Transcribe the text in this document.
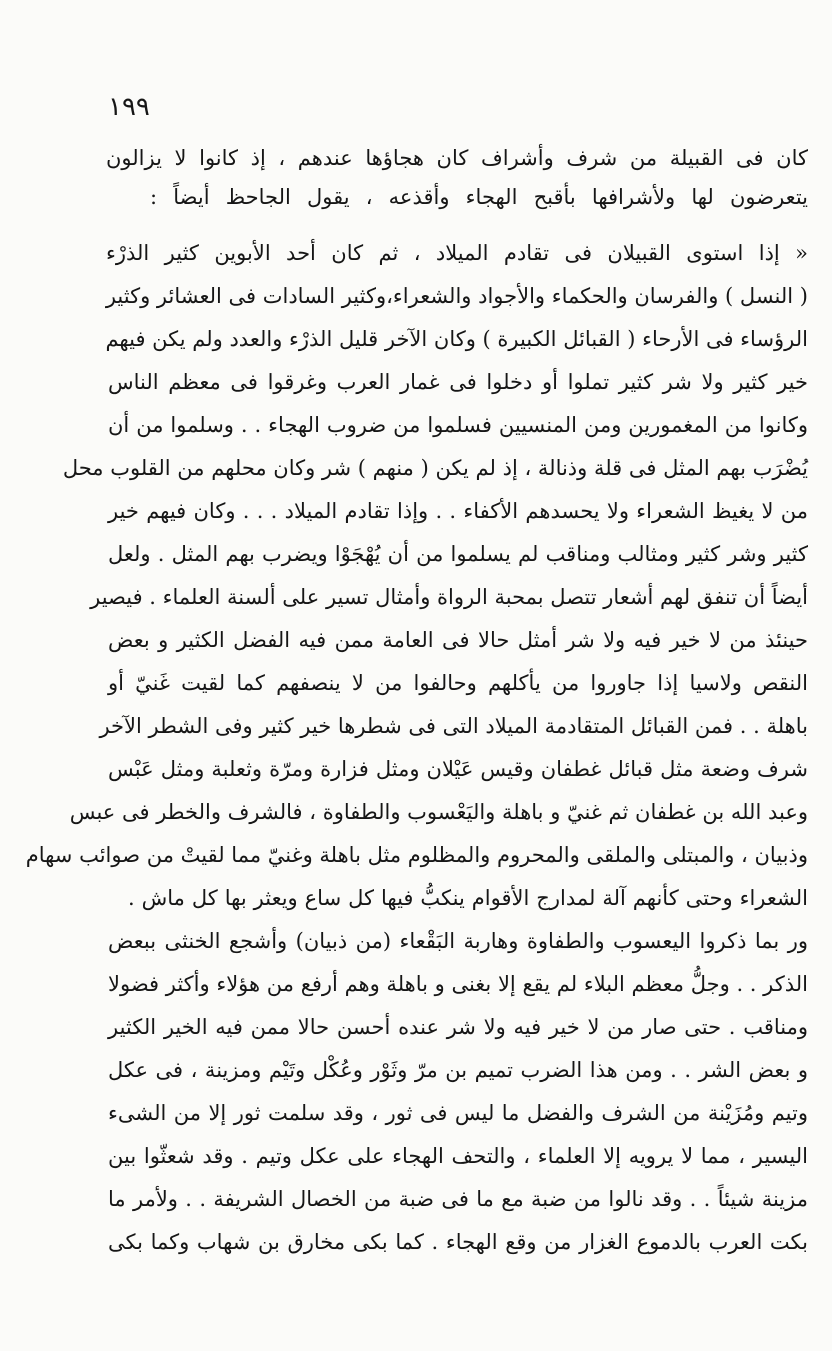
١٩٩
كان فى القبيلة من شرف وأشراف كان هجاؤها عندهم ، إذ كانوا لا يزالون
يتعرضون لها ولأشرافها بأقبح الهجاء وأقذعه ، يقول الجاحظ أيضاً :
« إذا استوى القبيلان فى تقادم الميلاد ، ثم كان أحد الأبوين كثير الذرْء
( النسل ) والفرسان والحكماء والأجواد والشعراء،وكثير السادات فى العشائر وكثير
الرؤساء فى الأرحاء ( القبائل الكبيرة ) وكان الآخر قليل الذرْء والعدد ولم يكن فيهم
خير كثير ولا شر كثير تملوا أو دخلوا فى غمار العرب وغرقوا فى معظم الناس
وكانوا من المغمورين ومن المنسيين فسلموا من ضروب الهجاء . . وسلموا من أن
يُضْرَب بهم المثل فى قلة وذنالة ، إذ لم يكن ( منهم ) شر وكان محلهم من القلوب محل
من لا يغيظ الشعراء ولا يحسدهم الأكفاء . . وإذا تقادم الميلاد . . . وكان فيهم خير
كثير وشر كثير ومثالب ومناقب لم يسلموا من أن يُهْجَوْا ويضرب بهم المثل . ولعل
أيضاً أن تنفق لهم أشعار تتصل بمحبة الرواة وأمثال تسير على ألسنة العلماء . فيصير
حينئذ من لا خير فيه ولا شر أمثل حالا فى العامة ممن فيه الفضل الكثير و بعض
النقص ولاسيا إذا جاوروا من يأكلهم وحالفوا من لا ينصفهم كما لقيت غَنيّ أو
باهلة . . فمن القبائل المتقادمة الميلاد التى فى شطرها خير كثير وفى الشطر الآخر
شرف وضعة مثل قبائل غطفان وقيس عَيْلان ومثل فزارة ومرّة وثعلبة ومثل عَبْس
وعبد الله بن غطفان ثم غنيّ و باهلة واليَعْسوب والطفاوة ، فالشرف والخطر فى عبس
وذبيان ، والمبتلى والملقى والمحروم والمظلوم مثل باهلة وغنيّ مما لقيتْ من صوائب سهام
الشعراء وحتى كأنهم آلة لمدارج الأقوام ينكبُّ فيها كل ساع ويعثر بها كل ماش .
ور بما ذكروا اليعسوب والطفاوة وهاربة البَقْعاء (من ذبيان) وأشجع الخنثى ببعض
الذكر . . وجلُّ معظم البلاء لم يقع إلا بغنى و باهلة وهم أرفع من هؤلاء وأكثر فضولا
ومناقب . حتى صار من لا خير فيه ولا شر عنده أحسن حالا ممن فيه الخير الكثير
و بعض الشر . . ومن هذا الضرب تميم بن مرّ وثَوْر وعُكْل وتَيْم ومزينة ، فى عكل
وتيم ومُزَيْنة من الشرف والفضل ما ليس فى ثور ، وقد سلمت ثور إلا من الشىء
اليسير ، مما لا يرويه إلا العلماء ، والتحف الهجاء على عكل وتيم . وقد شعثّوا بين
مزينة شيئاً . . وقد نالوا من ضبة مع ما فى ضبة من الخصال الشريفة . . ولأمر ما
بكت العرب بالدموع الغزار من وقع الهجاء . كما بكى مخارق بن شهاب وكما بكى
